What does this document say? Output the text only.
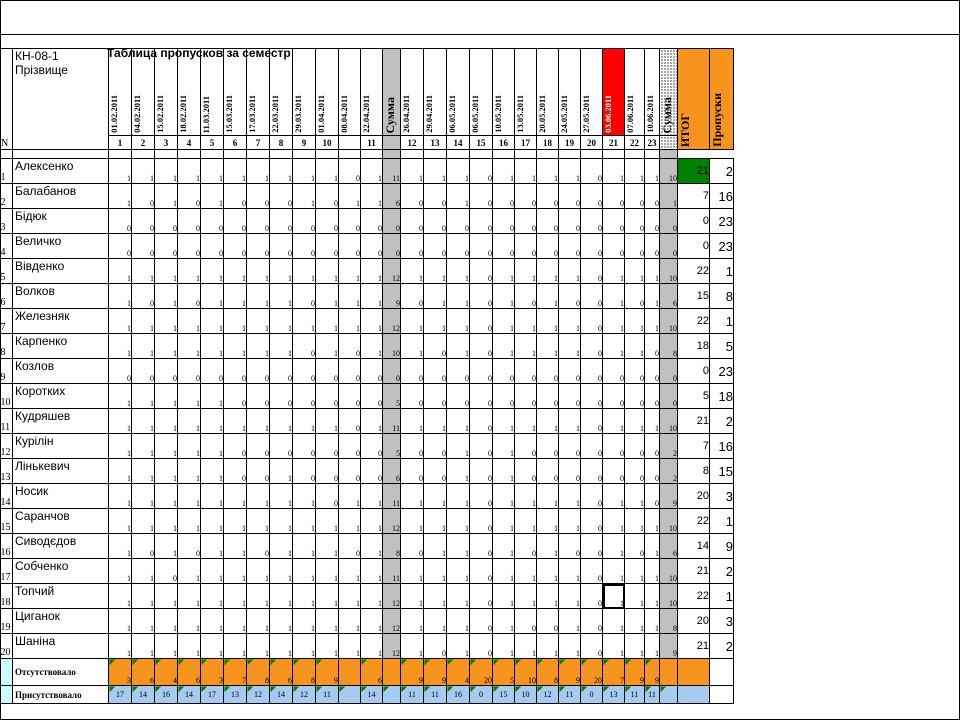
Таблица пропусков за семестр
N	КН-08-1
Прізвище	01.02.2011	04.02.2011	15.02.2011	18.02.2011	11.03.2011	15.03.2011	17.03.2011	22.03.2011	29.03.2011	01.04.2011	08.04.2011	22.04.2011	Сумма	26.04.2011	29.04.2011	06.05.2011	06.05.2011	10.05.2011	13.05.2011	20.05.2011	24.05.2011	27.05.2011	03.06.2011	07.06.2011	10.06.2011	Сумма	ИТОГ	Пропуски

		1	2	3	4	5	6	7	8	9	10		11		12	13	14	15	16	17	18	19	20	21	22	23			

1	Алексенко	1	1	1	1	1	1	1	1	1	1	0	1	11	1	1	1	0	1	1	1	1	0	1	1	1	10	21	2
2	Балабанов	1	0	1	0	1	0	0	0	1	0	1	1	6	0	0	1	0	0	0	0	0	0	0	0	0	1	7	16
3	Бідюк	0	0	0	0	0	0	0	0	0	0	0	0	0	0	0	0	0	0	0	0	0	0	0	0	0	0	0	23
4	Величко	0	0	0	0	0	0	0	0	0	0	0	0	0	0	0	0	0	0	0	0	0	0	0	0	0	0	0	23
5	Вівденко	1	1	1	1	1	1	1	1	1	1	1	1	12	1	1	1	0	1	1	1	1	0	1	1	1	10	22	1
6	Волков	1	0	1	0	1	1	1	1	0	1	1	1	9	0	1	1	0	1	0	1	0	0	1	0	1	6	15	8
7	Железняк	1	1	1	1	1	1	1	1	1	1	1	1	12	1	1	1	0	1	1	1	1	0	1	1	1	10	22	1
8	Карпенко	1	1	1	1	1	1	1	1	0	1	0	1	10	1	0	1	0	1	1	1	1	0	1	1	0	8	18	5
9	Козлов	0	0	0	0	0	0	0	0	0	0	0	0	0	0	0	0	0	0	0	0	0	0	0	0	0	0	0	23
10	Коротких	1	1	1	1	1	0	0	0	0	0	0	0	5	0	0	0	0	0	0	0	0	0	0	0	0	0	5	18
11	Кудряшев	1	1	1	1	1	1	1	1	1	1	0	1	11	1	1	1	0	1	1	1	1	0	1	1	1	10	21	2
12	Курілін	1	1	1	1	1	0	0	0	0	0	0	0	5	0	0	1	0	1	0	0	0	0	0	0	0	2	7	16
13	Лінькевич	1	1	1	1	1	0	0	1	0	0	0	0	6	0	0	1	0	1	0	0	0	0	0	0	0	2	8	15
14	Носик	1	1	1	1	1	1	1	1	1	0	1	1	11	1	1	1	0	1	1	1	1	0	1	1	0	9	20	3
15	Саранчов	1	1	1	1	1	1	1	1	1	1	1	1	12	1	1	1	0	1	1	1	1	0	1	1	1	10	22	1
16	Сиводєдов	1	0	1	0	1	1	0	1	1	1	0	1	8	0	1	1	0	1	0	1	0	0	1	0	1	6	14	9
17	Собченко	1	1	0	1	1	1	1	1	1	1	1	1	11	1	1	1	0	1	1	1	1	0	1	1	1	10	21	2
18	Топчий	1	1	1	1	1	1	1	1	1	1	1	1	12	1	1	1	0	1	1	1	1	0	1	1	1	10	22	1
19	Циганок	1	1	1	1	1	1	1	1	1	1	1	1	12	1	1	1	0	1	0	0	1	0	1	1	1	8	20	3
20	Шаніна	1	1	1	1	1	1	1	1	1	1	1	1	12	1	0	1	0	1	1	1	1	0	1	1	1	9	21	2
	Отсутствовало	3	6	4	6	3	7	8	6	8	9		6		9	9	4	20	5	10	8	9	20	7	9	9			
	Присутствовало	17	14	16	14	17	13	12	14	12	11		14		11	11	16	0	15	10	12	11	0	13	11	11			
